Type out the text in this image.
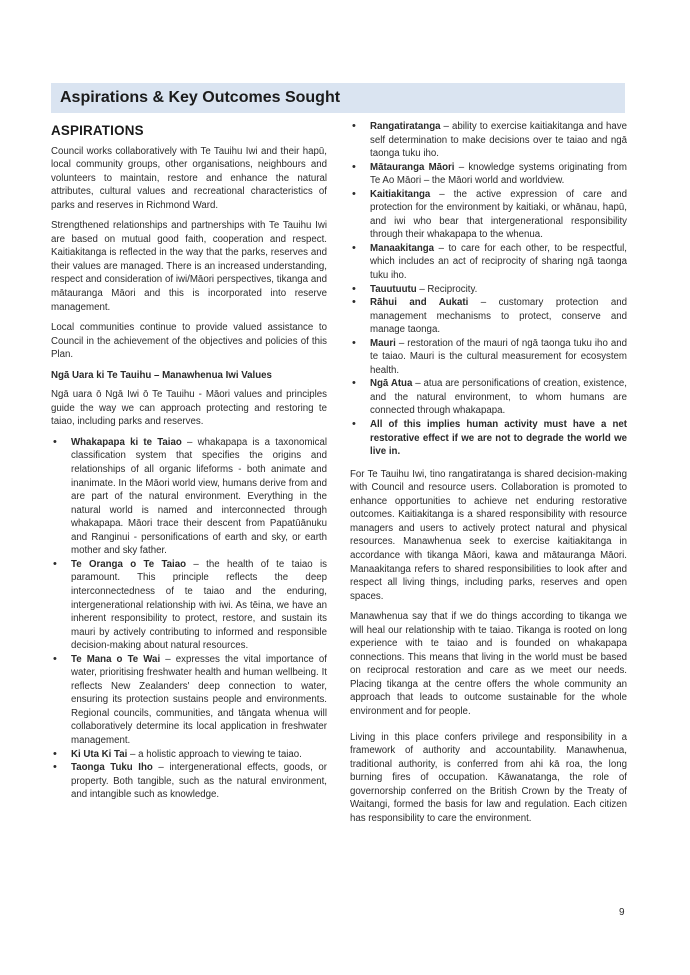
Aspirations & Key Outcomes Sought
ASPIRATIONS

Council works collaboratively with Te Tauihu Iwi and their hapū, local community groups, other organisations, neighbours and volunteers to maintain, restore and enhance the natural attributes, cultural values and recreational characteristics of parks and reserves in Richmond Ward.

Strengthened relationships and partnerships with Te Tauihu Iwi are based on mutual good faith, cooperation and respect. Kaitiakitanga is reflected in the way that the parks, reserves and their values are managed. There is an increased understanding, respect and consideration of iwi/Māori perspectives, tikanga and mātauranga Māori and this is incorporated into reserve management.

Local communities continue to provide valued assistance to Council in the achievement of the objectives and policies of this Plan.

Ngā Uara ki Te Tauihu – Manawhenua Iwi Values

Ngā uara ō Ngā Iwi ō Te Tauihu - Māori values and principles guide the way we can approach protecting and restoring te taiao, including parks and reserves.

• Whakapapa ki te Taiao – whakapapa is a taxonomical classification system that specifies the origins and relationships of all organic lifeforms - both animate and inanimate. In the Māori world view, humans derive from and are part of the natural environment. Everything in the natural world is named and interconnected through whakapapa. Māori trace their descent from Papatūānuku and Ranginui - personifications of earth and sky, or earth mother and sky father.
• Te Oranga o Te Taiao – the health of te taiao is paramount. This principle reflects the deep interconnectedness of te taiao and the enduring, intergenerational relationship with iwi. As tēina, we have an inherent responsibility to protect, restore, and sustain its mauri by actively contributing to informed and responsible decision-making about natural resources.
• Te Mana o Te Wai – expresses the vital importance of water, prioritising freshwater health and human wellbeing. It reflects New Zealanders' deep connection to water, ensuring its protection sustains people and environments. Regional councils, communities, and tāngata whenua will collaboratively determine its local application in freshwater management.
• Ki Uta Ki Tai – a holistic approach to viewing te taiao.
• Taonga Tuku Iho – intergenerational effects, goods, or property. Both tangible, such as the natural environment, and intangible such as knowledge.
• Rangatiratanga – ability to exercise kaitiakitanga and have self determination to make decisions over te taiao and ngā taonga tuku iho.
• Mātauranga Māori – knowledge systems originating from Te Ao Māori – the Māori world and worldview.
• Kaitiakitanga – the active expression of care and protection for the environment by kaitiaki, or whānau, hapū, and iwi who bear that intergenerational responsibility through their whakapapa to the whenua.
• Manaakitanga – to care for each other, to be respectful, which includes an act of reciprocity of sharing ngā taonga tuku iho.
• Tauutuutu – Reciprocity.
• Rāhui and Aukati – customary protection and management mechanisms to protect, conserve and manage taonga.
• Mauri – restoration of the mauri of ngā taonga tuku iho and te taiao. Mauri is the cultural measurement for ecosystem health.
• Ngā Atua – atua are personifications of creation, existence, and the natural environment, to whom humans are connected through whakapapa.
• All of this implies human activity must have a net restorative effect if we are not to degrade the world we live in.

For Te Tauihu Iwi, tino rangatiratanga is shared decision-making with Council and resource users. Collaboration is promoted to enhance opportunities to achieve net enduring restorative outcomes. Kaitiakitanga is a shared responsibility with resource managers and users to actively protect natural and physical resources. Manawhenua seek to exercise kaitiakitanga in accordance with tikanga Māori, kawa and mātauranga Māori. Manaakitanga refers to shared responsibilities to look after and respect all living things, including parks, reserves and open spaces.

Manawhenua say that if we do things according to tikanga we will heal our relationship with te taiao. Tikanga is rooted on long experience with te taiao and is founded on whakapapa connections. This means that living in the world must be based on reciprocal restoration and care as we meet our needs. Placing tikanga at the centre offers the whole community an approach that leads to outcome sustainable for the whole environment and for people.

Living in this place confers privilege and responsibility in a framework of authority and accountability. Manawhenua, traditional authority, is conferred from ahi kā roa, the long burning fires of occupation. Kāwanatanga, the role of governorship conferred on the British Crown by the Treaty of Waitangi, formed the basis for law and regulation. Each citizen has responsibility to care the environment.

9
